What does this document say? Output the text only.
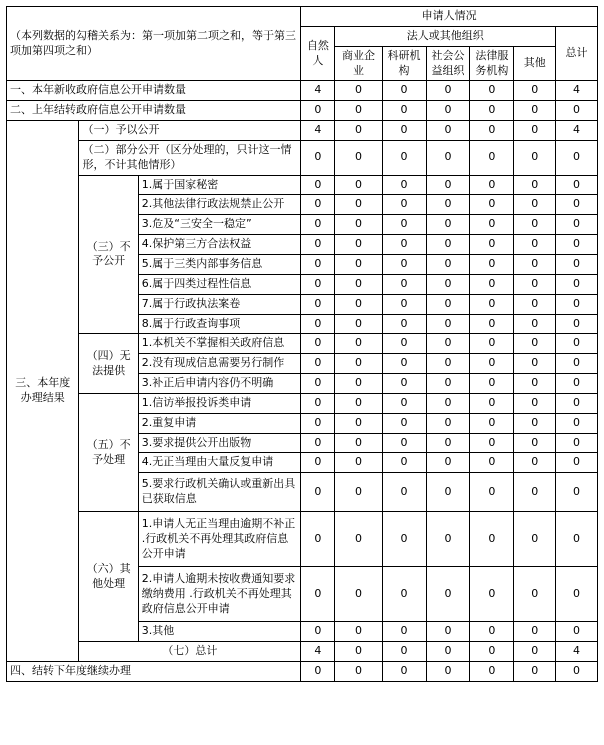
（本列数据的勾稽关系为：第一项加第二项之和，等于第三项加第四项之和）			申请人情况						
			自然人	法人或其他组织					总计
				商业企业	科研机构	社会公益组织	法律服务机构	其他	
一、本年新收政府信息公开申请数量			4	0	0	0	0	0	4
二、上年结转政府信息公开申请数量			0	0	0	0	0	0	0
三、本年度办理结果	（一）予以公开		4	0	0	0	0	0	4
	（二）部分公开（区分处理的，只计这一情形，不计其他情形）		0	0	0	0	0	0	0
	（三）不予公开	1.属于国家秘密	0	0	0	0	0	0	0
		2.其他法律行政法规禁止公开	0	0	0	0	0	0	0
		3.危及“三安全一稳定”	0	0	0	0	0	0	0
		4.保护第三方合法权益	0	0	0	0	0	0	0
		5.属于三类内部事务信息	0	0	0	0	0	0	0
		6.属于四类过程性信息	0	0	0	0	0	0	0
		7.属于行政执法案卷	0	0	0	0	0	0	0
		8.属于行政查询事项	0	0	0	0	0	0	0
	（四）无法提供	1.本机关不掌握相关政府信息	0	0	0	0	0	0	0
		2.没有现成信息需要另行制作	0	0	0	0	0	0	0
		3.补正后申请内容仍不明确	0	0	0	0	0	0	0
	（五）不予处理	1.信访举报投诉类申请	0	0	0	0	0	0	0
		2.重复申请	0	0	0	0	0	0	0
		3.要求提供公开出版物	0	0	0	0	0	0	0
		4.无正当理由大量反复申请	0	0	0	0	0	0	0
		5.要求行政机关确认或重新出具已获取信息	0	0	0	0	0	0	0
	（六）其他处理	1.申请人无正当理由逾期不补正 .行政机关不再处理其政府信息公开申请	0	0	0	0	0	0	0
		2.申请人逾期未按收费通知要求缴纳费用 .行政机关不再处理其政府信息公开申请	0	0	0	0	0	0	0
		3.其他	0	0	0	0	0	0	0
	（七）总计		4	0	0	0	0	0	4
四、结转下年度继续办理			0	0	0	0	0	0	0
